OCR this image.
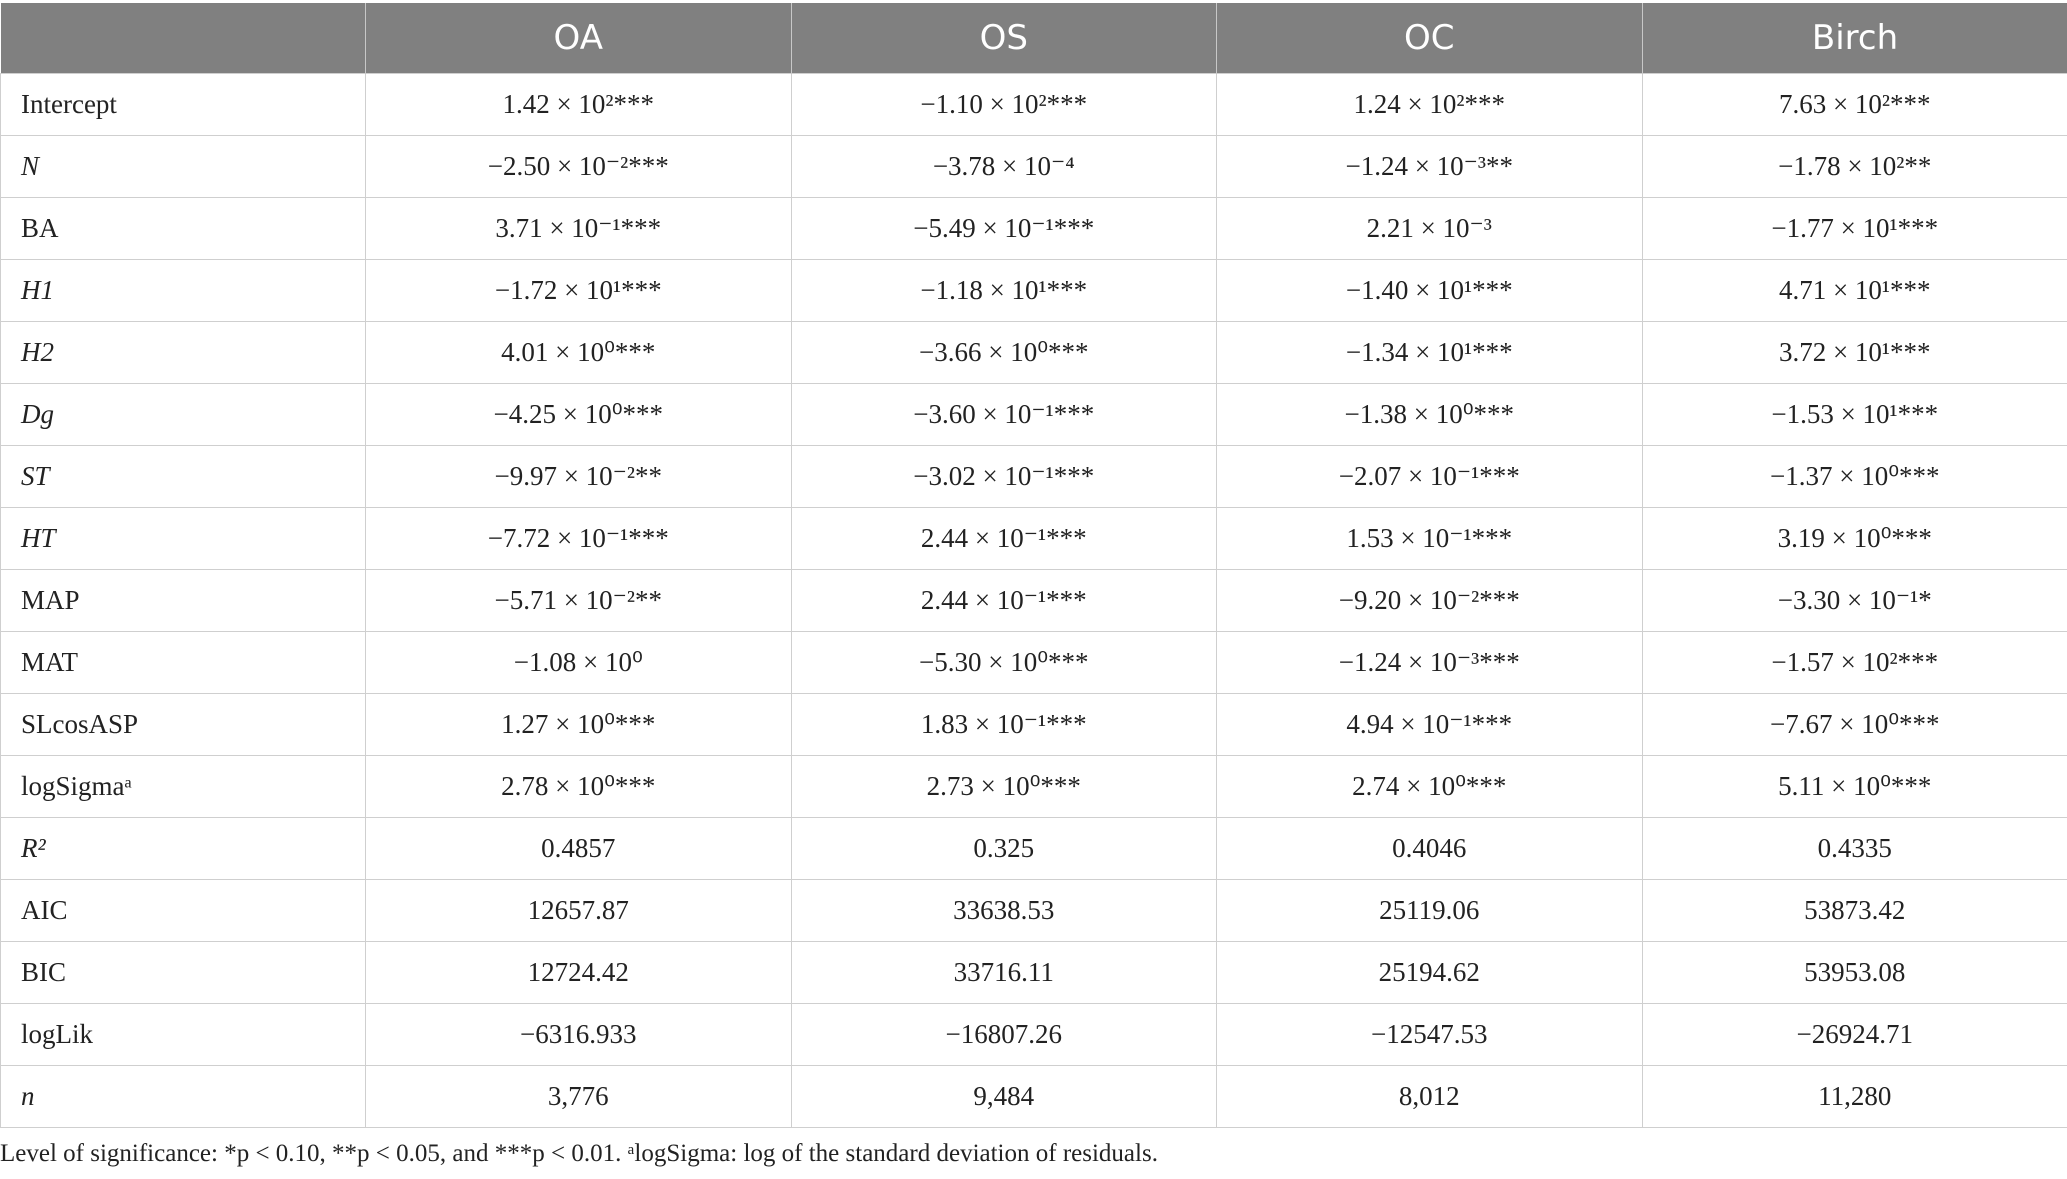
	OA	OS	OC	Birch
Intercept	1.42 × 10²***	−1.10 × 10²***	1.24 × 10²***	7.63 × 10²***
N	−2.50 × 10⁻²***	−3.78 × 10⁻⁴	−1.24 × 10⁻³**	−1.78 × 10²**
BA	3.71 × 10⁻¹***	−5.49 × 10⁻¹***	2.21 × 10⁻³	−1.77 × 10¹***
H1	−1.72 × 10¹***	−1.18 × 10¹***	−1.40 × 10¹***	4.71 × 10¹***
H2	4.01 × 10⁰***	−3.66 × 10⁰***	−1.34 × 10¹***	3.72 × 10¹***
Dg	−4.25 × 10⁰***	−3.60 × 10⁻¹***	−1.38 × 10⁰***	−1.53 × 10¹***
ST	−9.97 × 10⁻²**	−3.02 × 10⁻¹***	−2.07 × 10⁻¹***	−1.37 × 10⁰***
HT	−7.72 × 10⁻¹***	2.44 × 10⁻¹***	1.53 × 10⁻¹***	3.19 × 10⁰***
MAP	−5.71 × 10⁻²**	2.44 × 10⁻¹***	−9.20 × 10⁻²***	−3.30 × 10⁻¹*
MAT	−1.08 × 10⁰	−5.30 × 10⁰***	−1.24 × 10⁻³***	−1.57 × 10²***
SLcosASP	1.27 × 10⁰***	1.83 × 10⁻¹***	4.94 × 10⁻¹***	−7.67 × 10⁰***
logSigmaᵃ	2.78 × 10⁰***	2.73 × 10⁰***	2.74 × 10⁰***	5.11 × 10⁰***
R²	0.4857	0.325	0.4046	0.4335
AIC	12657.87	33638.53	25119.06	53873.42
BIC	12724.42	33716.11	25194.62	53953.08
logLik	−6316.933	−16807.26	−12547.53	−26924.71
n	3,776	9,484	8,012	11,280
Level of significance: *p < 0.10, **p < 0.05, and ***p < 0.01. ᵃlogSigma: log of the standard deviation of residuals.
